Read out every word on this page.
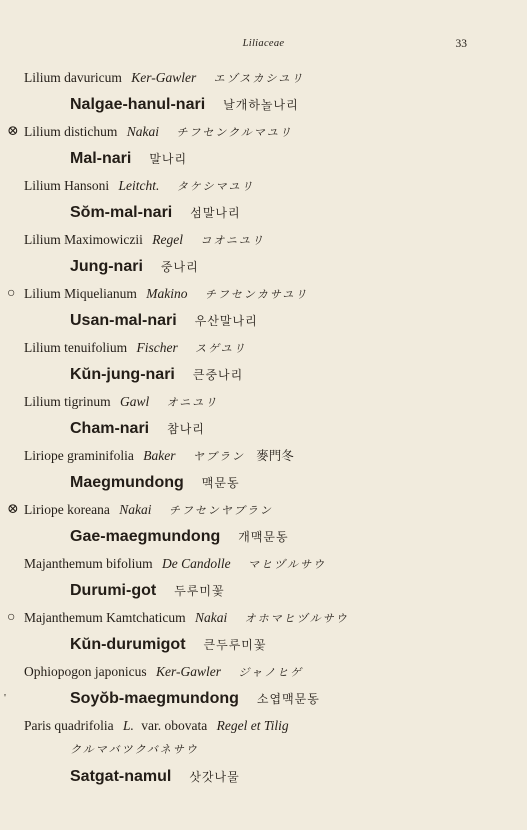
Liliaceae	33
Lilium davuricum Ker-Gawler エゾスカシユリ
Nalgae-hanul-nari 날개하놀나리
⊗ Lilium distichum Nakai チフセンクルマユリ
Mal-nari 말나리
Lilium Hansoni Leitcht. タケシマユリ
Sŏm-mal-nari 섬말나리
Lilium Maximowiczii Regel コオニユリ
Jung-nari 중나리
○ Lilium Miquelianum Makino チフセンカサユリ
Usan-mal-nari 우산말나리
Lilium tenuifolium Fischer スゲユリ
Kŭn-jung-nari 큰중나리
Lilium tigrinum Gawl オニユリ
Cham-nari 참나리
Liriope graminifolia Baker ヤブラン 麥門冬
Maegmundong 맥문동
⊗ Liriope koreana Nakai チフセンヤブラン
Gae-maegmundong 개맥문동
Majanthemum bifolium De Candolle マヒヅルサウ
Durumi-got 두루미꽃
○ Majanthemum Kamtchaticum Nakai オホマヒヅルサウ
Kŭn-durumigot 큰두루미꽃
Ophiopogon japonicus Ker-Gawler ジャノヒゲ
Soyŏb-maegmundong 소엽맥문동
Paris quadrifolia L. var. obovata Regel et Tilig
クルマバツクバネサウ
Satgat-namul 삿갓나물
'
